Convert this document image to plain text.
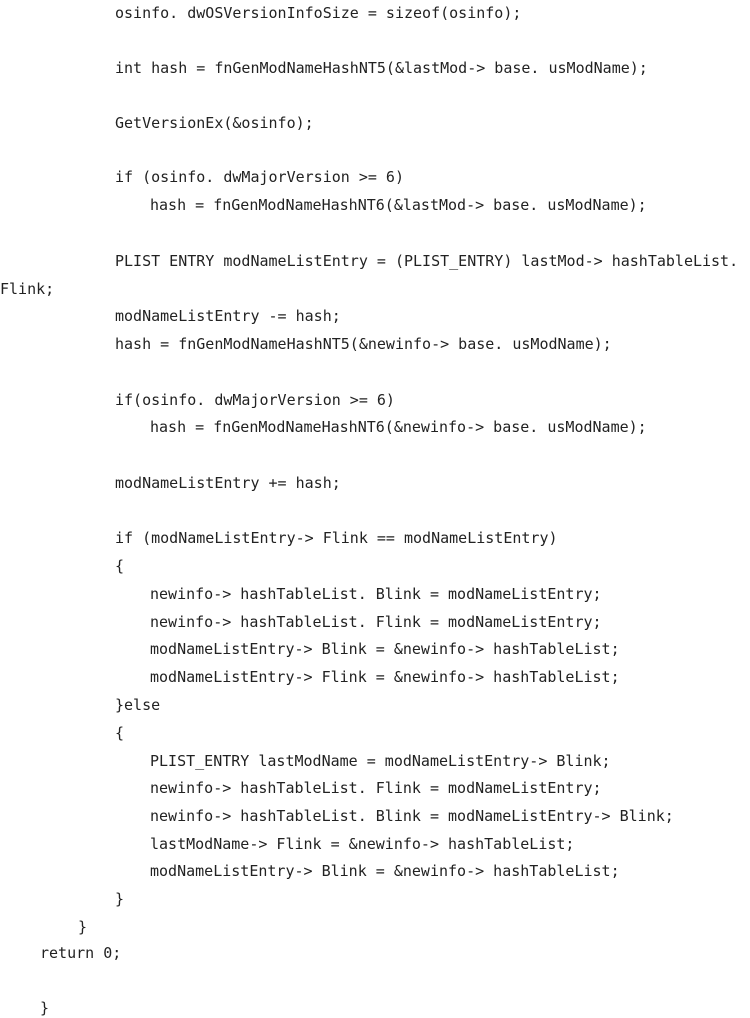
osinfo. dwOSVersionInfoSize = sizeof(osinfo);
int hash = fnGenModNameHashNT5(&lastMod-> base. usModName);
GetVersionEx(&osinfo);
if (osinfo. dwMajorVersion >= 6)
hash = fnGenModNameHashNT6(&lastMod-> base. usModName);
PLIST ENTRY modNameListEntry = (PLIST_ENTRY) lastMod-> hashTableList.
Flink;
modNameListEntry -= hash;
hash = fnGenModNameHashNT5(&newinfo-> base. usModName);
if(osinfo. dwMajorVersion >= 6)
hash = fnGenModNameHashNT6(&newinfo-> base. usModName);
modNameListEntry += hash;
if (modNameListEntry-> Flink == modNameListEntry)
{
newinfo-> hashTableList. Blink = modNameListEntry;
newinfo-> hashTableList. Flink = modNameListEntry;
modNameListEntry-> Blink = &newinfo-> hashTableList;
modNameListEntry-> Flink = &newinfo-> hashTableList;
}else
{
PLIST_ENTRY lastModName = modNameListEntry-> Blink;
newinfo-> hashTableList. Flink = modNameListEntry;
newinfo-> hashTableList. Blink = modNameListEntry-> Blink;
lastModName-> Flink = &newinfo-> hashTableList;
modNameListEntry-> Blink = &newinfo-> hashTableList;
}
}
return 0;
}
